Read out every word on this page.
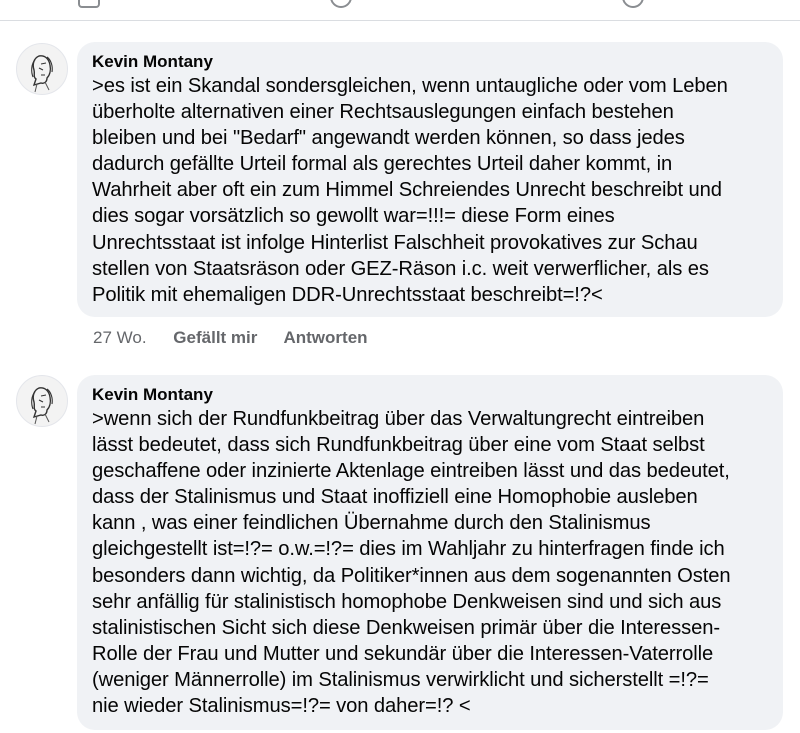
Kevin Montany
>es ist ein Skandal sondersgleichen, wenn untaugliche oder vom Leben
überholte alternativen einer Rechtsauslegungen einfach bestehen
bleiben und bei "Bedarf" angewandt werden können, so dass jedes
dadurch gefällte Urteil formal als gerechtes Urteil daher kommt, in
Wahrheit aber oft ein zum Himmel Schreiendes Unrecht beschreibt und
dies sogar vorsätzlich so gewollt war=!!!= diese Form eines
Unrechtsstaat ist infolge Hinterlist Falschheit provokatives zur Schau
stellen von Staatsräson oder GEZ-Räson i.c. weit verwerflicher, als es
Politik mit ehemaligen DDR-Unrechtsstaat beschreibt=!?<
27 Wo. Gefällt mir Antworten
Kevin Montany
>wenn sich der Rundfunkbeitrag über das Verwaltungrecht eintreiben
lässt bedeutet, dass sich Rundfunkbeitrag über eine vom Staat selbst
geschaffene oder inzinierte Aktenlage eintreiben lässt und das bedeutet,
dass der Stalinismus und Staat inoffiziell eine Homophobie ausleben
kann , was einer feindlichen Übernahme durch den Stalinismus
gleichgestellt ist=!?= o.w.=!?= dies im Wahljahr zu hinterfragen finde ich
besonders dann wichtig, da Politiker*innen aus dem sogenannten Osten
sehr anfällig für stalinistisch homophobe Denkweisen sind und sich aus
stalinistischen Sicht sich diese Denkweisen primär über die Interessen-
Rolle der Frau und Mutter und sekundär über die Interessen-Vaterrolle
(weniger Männerrolle) im Stalinismus verwirklicht und sicherstellt =!?=
nie wieder Stalinismus=!?= von daher=!? <
